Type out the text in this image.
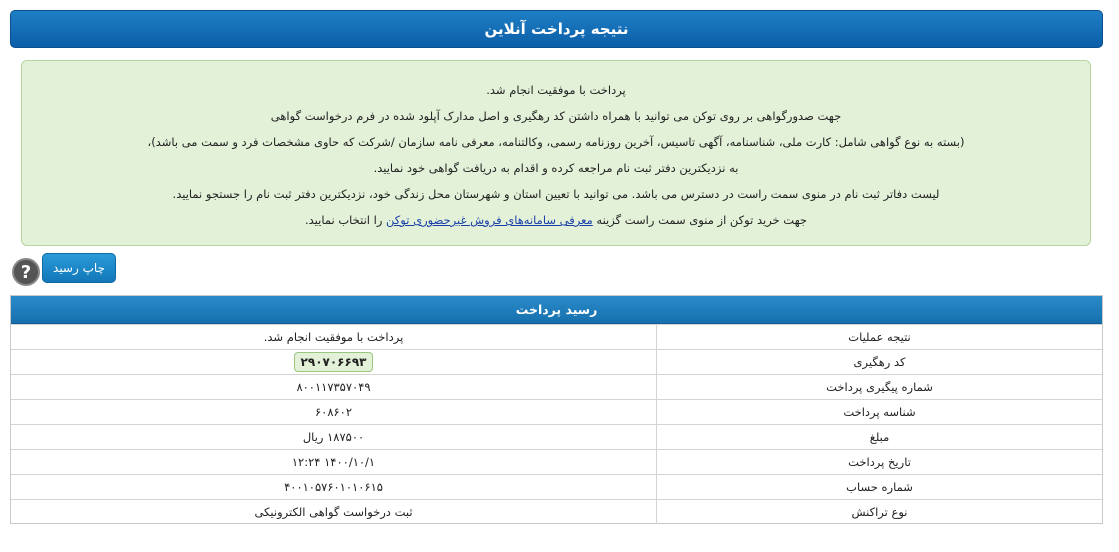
نتیجه پرداخت آنلاین
پرداخت با موفقیت انجام شد.
جهت صدورگواهی بر روی توکن می توانید با همراه داشتن کد رهگیری و اصل مدارک آپلود شده در فرم درخواست گواهی
(بسته به نوع گواهی شامل: کارت ملی، شناسنامه، آگهی تاسیس، آخرین روزنامه رسمی، وکالتنامه، معرفی نامه سازمان /شرکت که حاوی مشخصات فرد و سمت می باشد)،
به نزدیکترین دفتر ثبت نام مراجعه کرده و اقدام به دریافت گواهی خود نمایید.
لیست دفاتر ثبت نام در منوی سمت راست در دسترس می باشد. می توانید با تعیین استان و شهرستان محل زندگی خود، نزدیکترین دفتر ثبت نام را جستجو نمایید.
جهت خرید توکن از منوی سمت راست گزینه معرفی سامانه‌های فروش غیرحضوری توکن را انتخاب نمایید.
?	چاپ رسید
رسید پرداخت
نتیجه عملیات
پرداخت با موفقیت انجام شد.
کد رهگیری
۲۹۰۷۰۶۶۹۳
شماره پیگیری پرداخت
۸۰۰۱۱۷۳۵۷۰۴۹
شناسه پرداخت
۶۰۸۶۰۲
مبلغ
۱۸۷۵۰۰ ریال
تاریخ پرداخت
۱۴۰۰/۱۰/۱ ۱۲:۲۴
شماره حساب
۴۰۰۱۰۵۷۶۰۱۰۱۰۶۱۵
نوع تراکنش
ثبت درخواست گواهی الکترونیکی
